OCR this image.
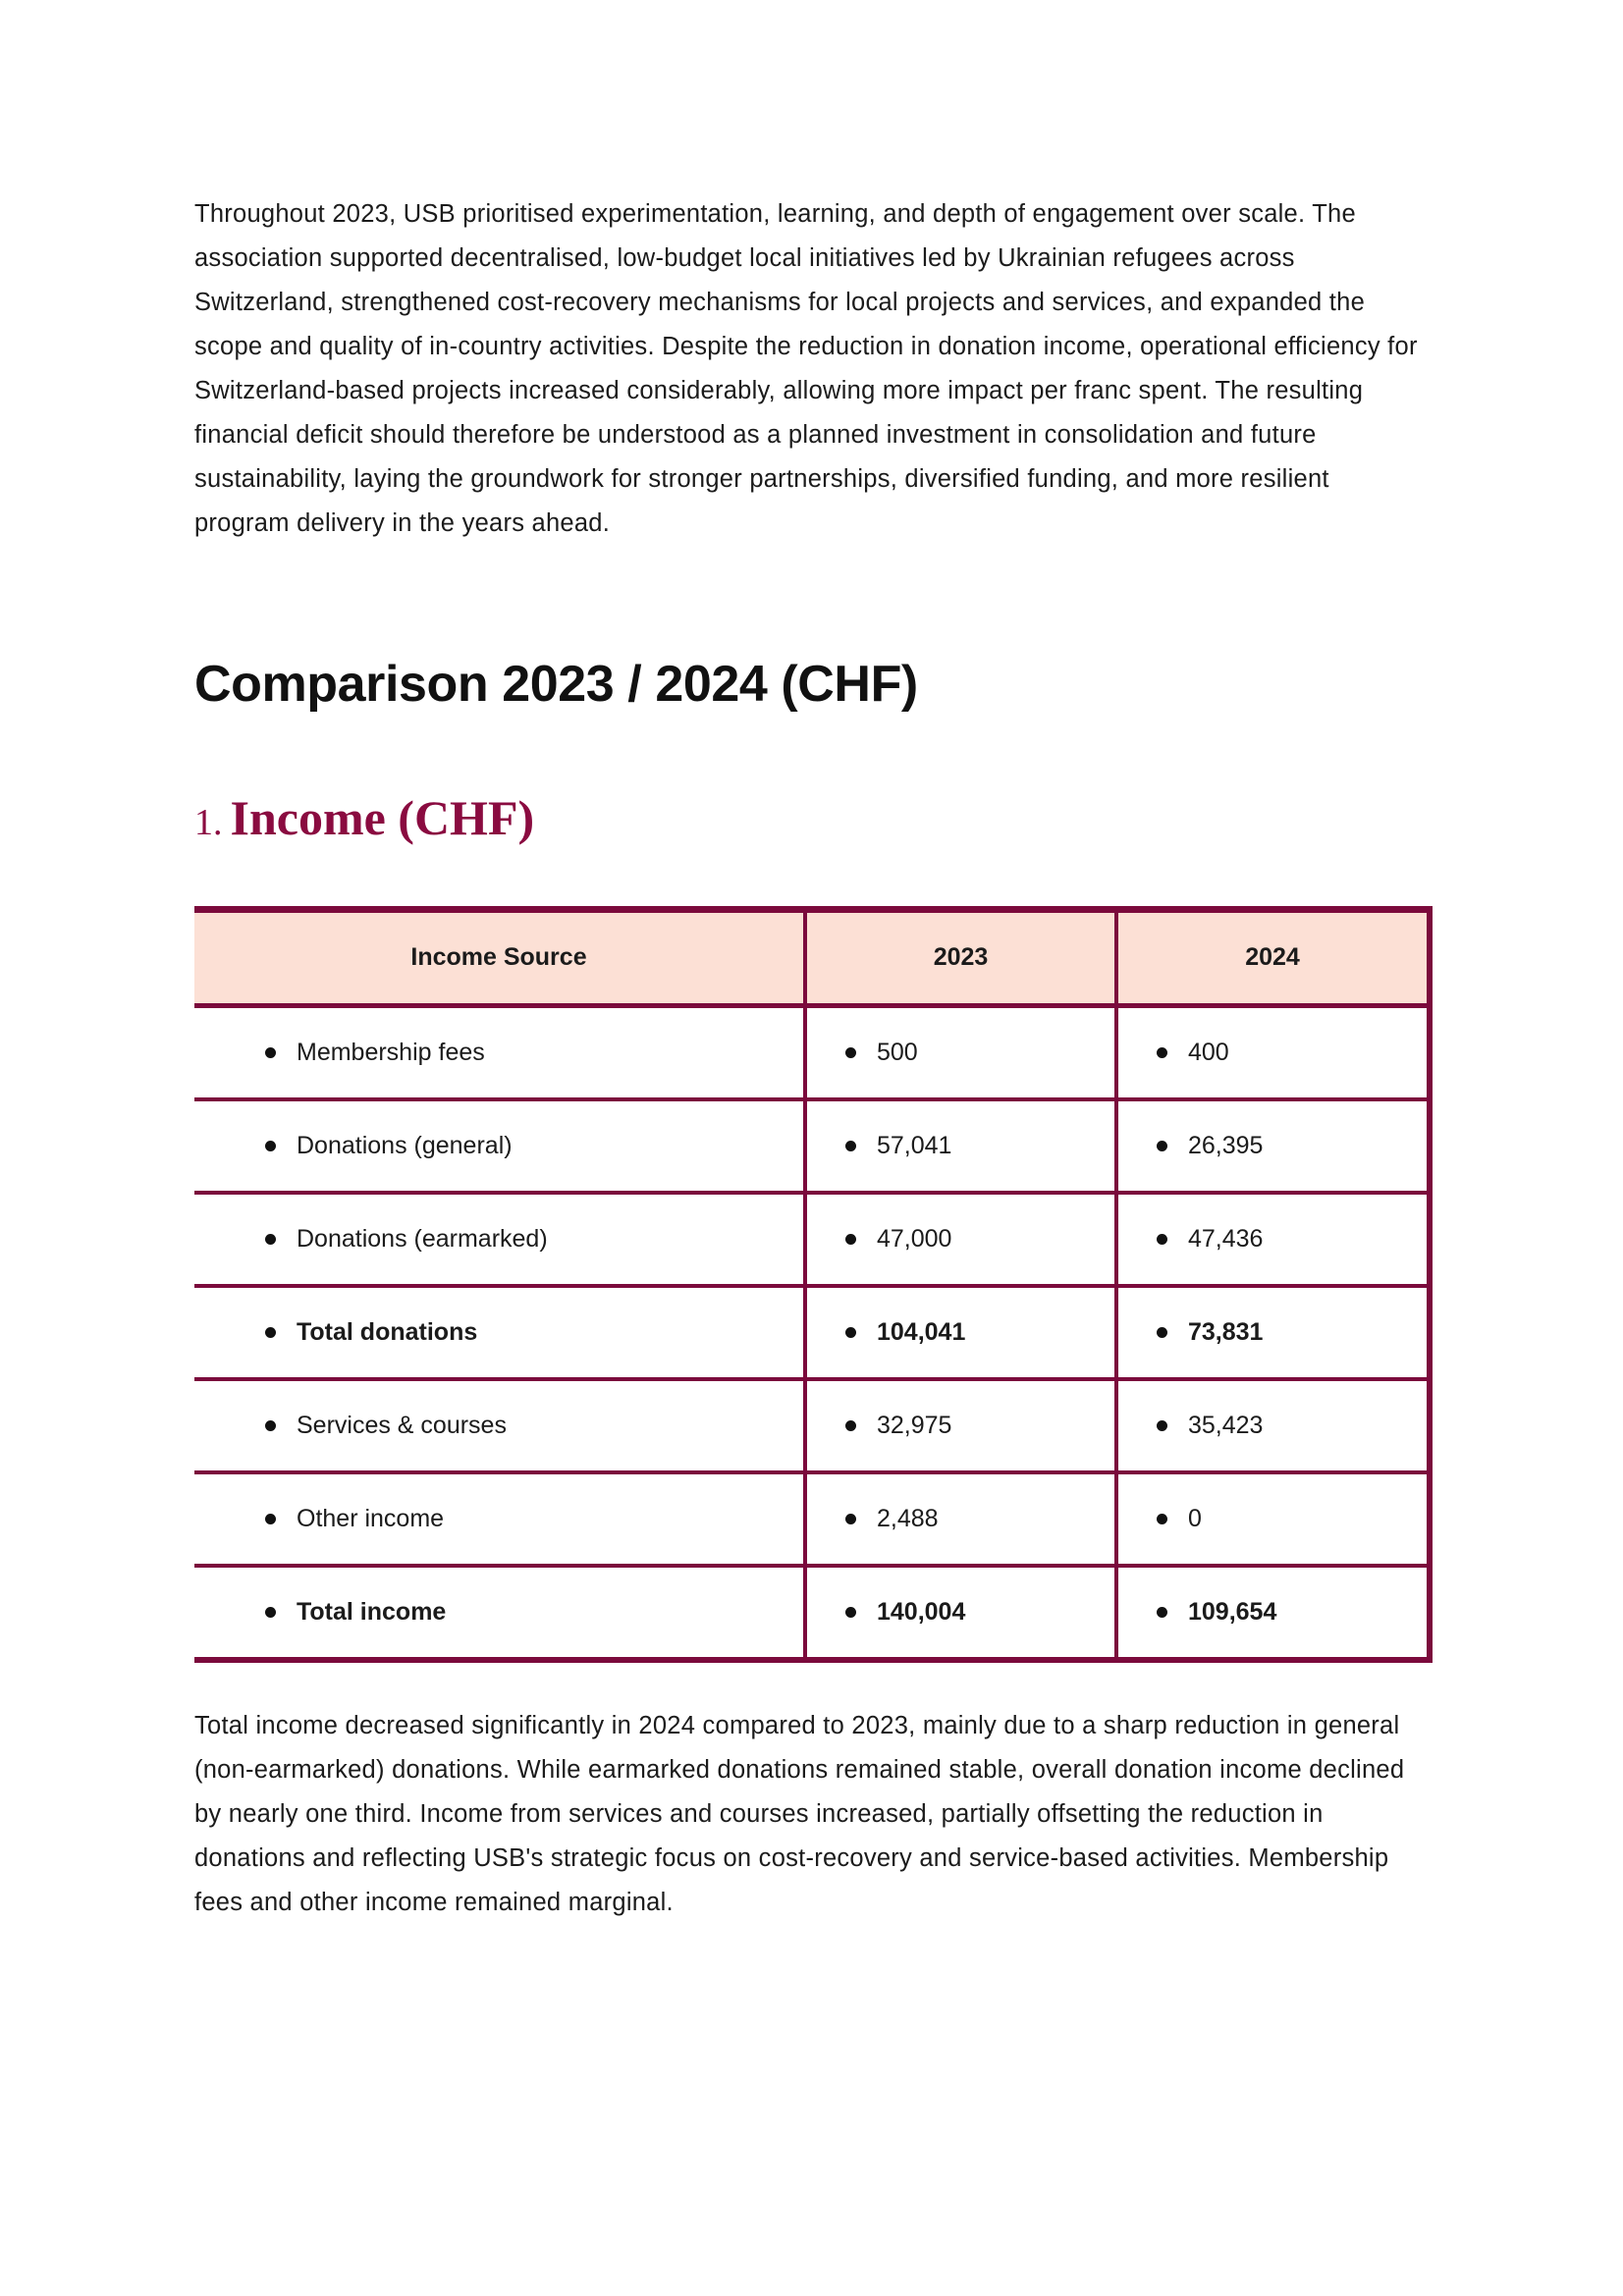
Throughout 2023, USB prioritised experimentation, learning, and depth of engagement over scale. The association supported decentralised, low-budget local initiatives led by Ukrainian refugees across Switzerland, strengthened cost-recovery mechanisms for local projects and services, and expanded the scope and quality of in-country activities. Despite the reduction in donation income, operational efficiency for Switzerland-based projects increased considerably, allowing more impact per franc spent. The resulting financial deficit should therefore be understood as a planned investment in consolidation and future sustainability, laying the groundwork for stronger partnerships, diversified funding, and more resilient program delivery in the years ahead.

Comparison 2023 / 2024 (CHF)
1. Income (CHF)
Income Source	2023	2024

Membership fees	500	400

Donations (general)	57,041	26,395

Donations (earmarked)	47,000	47,436

Total donations	104,041	73,831

Services & courses	32,975	35,423

Other income	2,488	0

Total income	140,004	109,654

Total income decreased significantly in 2024 compared to 2023, mainly due to a sharp reduction in general (non-earmarked) donations. While earmarked donations remained stable, overall donation income declined by nearly one third. Income from services and courses increased, partially offsetting the reduction in donations and reflecting USB's strategic focus on cost-recovery and service-based activities. Membership fees and other income remained marginal.
